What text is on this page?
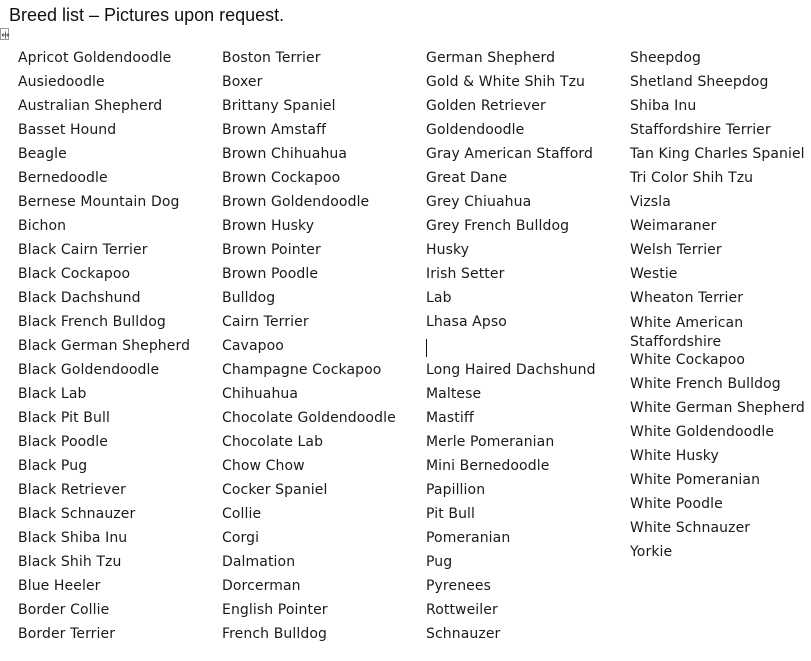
Breed list – Pictures upon request.
Apricot Goldendoodle
Ausiedoodle
Australian Shepherd
Basset Hound
Beagle
Bernedoodle
Bernese Mountain Dog
Bichon
Black Cairn Terrier
Black Cockapoo
Black Dachshund
Black French Bulldog
Black German Shepherd
Black Goldendoodle
Black Lab
Black Pit Bull
Black Poodle
Black Pug
Black Retriever
Black Schnauzer
Black Shiba Inu
Black Shih Tzu
Blue Heeler
Border Collie
Border Terrier
Boston Terrier
Boxer
Brittany Spaniel
Brown Amstaff
Brown Chihuahua
Brown Cockapoo
Brown Goldendoodle
Brown Husky
Brown Pointer
Brown Poodle
Bulldog
Cairn Terrier
Cavapoo
Champagne Cockapoo
Chihuahua
Chocolate Goldendoodle
Chocolate Lab
Chow Chow
Cocker Spaniel
Collie
Corgi
Dalmation
Dorcerman
English Pointer
French Bulldog
German Shepherd
Gold & White Shih Tzu
Golden Retriever
Goldendoodle
Gray American Stafford
Great Dane
Grey Chiuahua
Grey French Bulldog
Husky
Irish Setter
Lab
Lhasa Apso
Long Haired Dachshund
Maltese
Mastiff
Merle Pomeranian
Mini Bernedoodle
Papillion
Pit Bull
Pomeranian
Pug
Pyrenees
Rottweiler
Schnauzer
Sheepdog
Shetland Sheepdog
Shiba Inu
Staffordshire Terrier
Tan King Charles Spaniel
Tri Color Shih Tzu
Vizsla
Weimaraner
Welsh Terrier
Westie
Wheaton Terrier
White American Staffordshire
White Cockapoo
White French Bulldog
White German Shepherd
White Goldendoodle
White Husky
White Pomeranian
White Poodle
White Schnauzer
Yorkie
